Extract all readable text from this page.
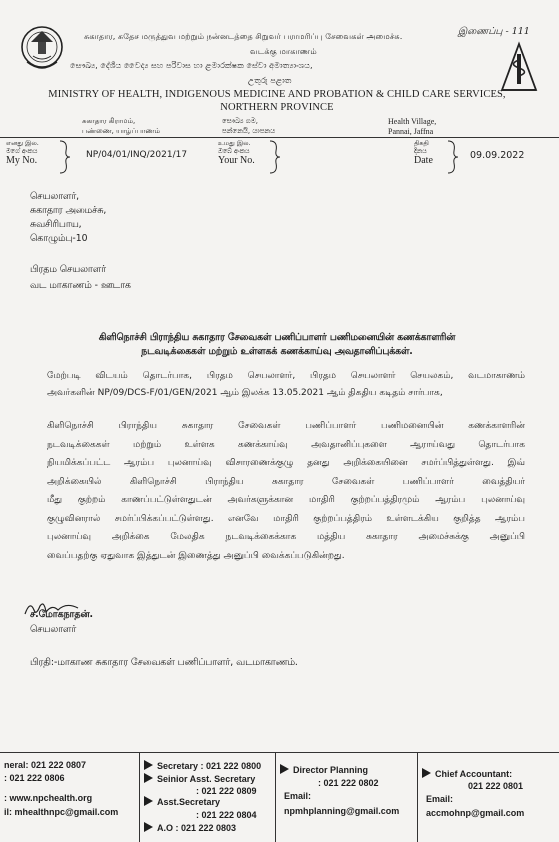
இணைப்பு - 111
சுகாதார, சுதேச மருத்துவ மற்றும் நன்னடத்தை சிறுவர் பராமரிப்பு சேவைகள் அமைச்சு.
வடக்கு மாகாணம்
සෞඛ්‍ය, දේශීය වෛද්‍ය සහ පරිවාස හා ළමාරක්ෂක සේවා අමාත්‍යාංශය,
උතුරු පළාත
MINISTRY OF HEALTH, INDIGENOUS MEDICINE AND PROBATION & CHILD CARE SERVICES,
NORTHERN PROVINCE
சுகாதார கிராமம்,
பண்ணை, யாழ்ப்பாணம்
සෞඛ්‍ය ගම,
පන්නෙයි, යාපනය
Health Village,
Pannai, Jaffna
எனது இல.
මගේ අංකය
My No.	NP/04/01/INQ/2021/17
உமது இல.
ඔබේ අංකය
Your No.
திகதி
දිනය
Date	09.09.2022
செயலாளர்,
சுகாதார அமைச்சு,
சுவசிரிபாய,
கொழும்பு-10
பிரதம செயலாளர்
வட மாகாணம் - ஊடாக
கிளிநொச்சி பிராந்திய சுகாதார சேவைகள் பணிப்பாளர் பணிமனையின் கணக்காளரின்
நடவடிக்கைகள் மற்றும் உள்ளகக் கணக்காய்வு அவதானிப்புக்கள்.
மேற்படி விடயம் தொடர்பாக, பிரதம செயலாளர், பிரதம செயலாளர் செயலகம், வடமாகாணம்
அவர்களின் NP/09/DCS-F/01/GEN/2021 ஆம் இலக்க 13.05.2021 ஆம் திகதிய கடிதம் சார்பாக,
கிளிநொச்சி பிராந்திய சுகாதார சேவைகள் பணிப்பாளர் பணிமனையின் கணக்காளரின்
நடவடிக்கைகள் மற்றும் உள்ளக கணக்காய்வு அவதானிப்புகளை ஆராய்வது தொடர்பாக
நியமிக்கப்பட்ட ஆரம்ப புலனாய்வு விசாரணைக்குழு தனது அறிக்கையினை சமர்ப்பித்துள்ளது. இவ்
அறிக்கையில் கிளிநொச்சி பிராந்திய சுகாதார சேவைகள் பணிப்பாளர் வைத்தியர்
மீது குற்றம் காணப்பட்டுள்ளதுடன் அவர்களுக்கான மாதிரி குற்றப்பத்திரமும் ஆரம்ப புலனாய்வு
குழுவினரால் சமர்ப்பிக்கப்பட்டுள்ளது. எனவே மாதிரி குற்றப்பத்திரம் உள்ளடக்கிய குறித்த ஆரம்ப
புலனாய்வு அறிக்கை மேலதிக நடவடிக்கைக்காக மத்திய சுகாதார அமைச்சுக்கு அனுப்பி
வைப்பதற்கு ஏதுவாக இத்துடன் இணைத்து அனுப்பி வைக்கப்படுகின்றது.
ச.மோகநாதன்.
செயலாளர்
பிரதி:-மாகாண சுகாதார சேவைகள் பணிப்பாளர், வடமாகாணம்.
neral: 021 222 0807
: 021 222 0806
: www.npchealth.org
il: mhealthnpc@gmail.com
Secretary : 021 222 0800
Seinior Asst. Secretary
: 021 222 0809
Asst.Secretary
: 021 222 0804
A.O : 021 222 0803
Director Planning
: 021 222 0802
Email:
npmhplanning@gmail.com
Chief Accountant:
021 222 0801
Email:
accmohnp@gmail.com
